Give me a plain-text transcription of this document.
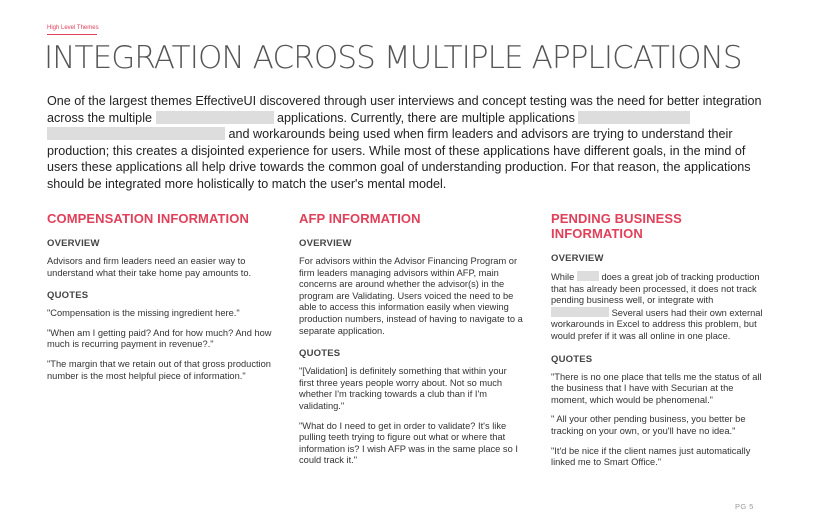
High Level Themes
INTEGRATION ACROSS MULTIPLE APPLICATIONS

One of the largest themes EffectiveUI discovered through user interviews and concept testing was the need for better integration across the multiple	applications. Currently, there are multiple applications
and workarounds being used when firm leaders and advisors are trying to understand their production; this creates a disjointed experience for users. While most of these applications have different goals, in the mind of users these applications all help drive towards the common goal of understanding production. For that reason, the applications should be integrated more holistically to match the user's mental model.

COMPENSATION INFORMATION
OVERVIEW

Advisors and firm leaders need an easier way to understand what their take home pay amounts to.

QUOTES

"Compensation is the missing ingredient here."

"When am I getting paid? And for how much? And how much is recurring payment in revenue?."

"The margin that we retain out of that gross production number is the most helpful piece of information."

AFP INFORMATION
OVERVIEW

For advisors within the Advisor Financing Program or firm leaders managing advisors within AFP, main concerns are around whether the advisor(s) in the program are Validating. Users voiced the need to be able to access this information easily when viewing production numbers, instead of having to navigate to a separate application.

QUOTES

"[Validation] is definitely something that within your first three years people worry about. Not so much whether I'm tracking towards a club than if I'm validating."

"What do I need to get in order to validate? It's like pulling teeth trying to figure out what or where that information is? I wish AFP was in the same place so I could track it."

PENDING BUSINESS INFORMATION
OVERVIEW

While	does a great job of tracking production that has already been processed, it does not track pending business well, or integrate with  Several users had their own external workarounds in Excel to address this problem, but would prefer if it was all online in one place.

QUOTES

"There is no one place that tells me the status of all the business that I have with Securian at the moment, which would be phenomenal."

" All your other pending business, you better be tracking on your own, or you'll have no idea."

"It'd be nice if the client names just automatically linked me to Smart Office."

PG 5
